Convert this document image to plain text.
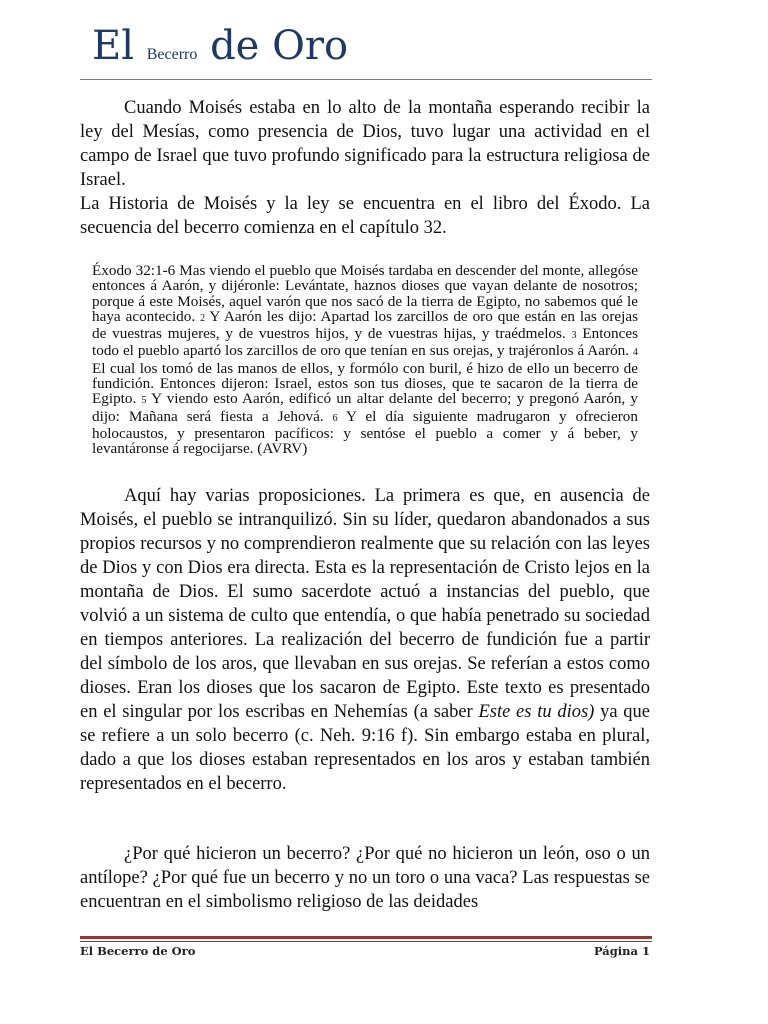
El Becerro de Oro

Cuando Moisés estaba en lo alto de la montaña esperando recibir la ley del Mesías, como presencia de Dios, tuvo lugar una actividad en el campo de Israel que tuvo profundo significado para la estructura religiosa de Israel.

La Historia de Moisés y la ley se encuentra en el libro del Éxodo. La secuencia del becerro comienza en el capítulo 32.

Éxodo 32:1-6 Mas viendo el pueblo que Moisés tardaba en descender del monte, allegóse entonces á Aarón, y dijéronle: Levántate, haznos dioses que vayan delante de nosotros; porque á este Moisés, aquel varón que nos sacó de la tierra de Egipto, no sabemos qué le haya acontecido. 2 Y Aarón les dijo: Apartad los zarcillos de oro que están en las orejas de vuestras mujeres, y de vuestros hijos, y de vuestras hijas, y traédmelos. 3 Entonces todo el pueblo apartó los zarcillos de oro que tenían en sus orejas, y trajéronlos á Aarón. 4 El cual los tomó de las manos de ellos, y formólo con buril, é hizo de ello un becerro de fundición. Entonces dijeron: Israel, estos son tus dioses, que te sacaron de la tierra de Egipto. 5 Y viendo esto Aarón, edificó un altar delante del becerro; y pregonó Aarón, y dijo: Mañana será fiesta a Jehová. 6 Y el día siguiente madrugaron y ofrecieron holocaustos, y presentaron pacíficos: y sentóse el pueblo a comer y á beber, y levantáronse á regocijarse. (AVRV)

Aquí hay varias proposiciones. La primera es que, en ausencia de Moisés, el pueblo se intranquilizó. Sin su líder, quedaron abandonados a sus propios recursos y no comprendieron realmente que su relación con las leyes de Dios y con Dios era directa. Esta es la representación de Cristo lejos en la montaña de Dios. El sumo sacerdote actuó a instancias del pueblo, que volvió a un sistema de culto que entendía, o que había penetrado su sociedad en tiempos anteriores. La realización del becerro de fundición fue a partir del símbolo de los aros, que llevaban en sus orejas. Se referían a estos como dioses. Eran los dioses que los sacaron de Egipto. Este texto es presentado en el singular por los escribas en Nehemías (a saber Este es tu dios) ya que se refiere a un solo becerro (c. Neh. 9:16 f). Sin embargo estaba en plural, dado a que los dioses estaban representados en los aros y estaban también representados en el becerro.

¿Por qué hicieron un becerro? ¿Por qué no hicieron un león, oso o un antílope? ¿Por qué fue un becerro y no un toro o una vaca? Las respuestas se encuentran en el simbolismo religioso de las deidades

El Becerro de Oro	Página 1
